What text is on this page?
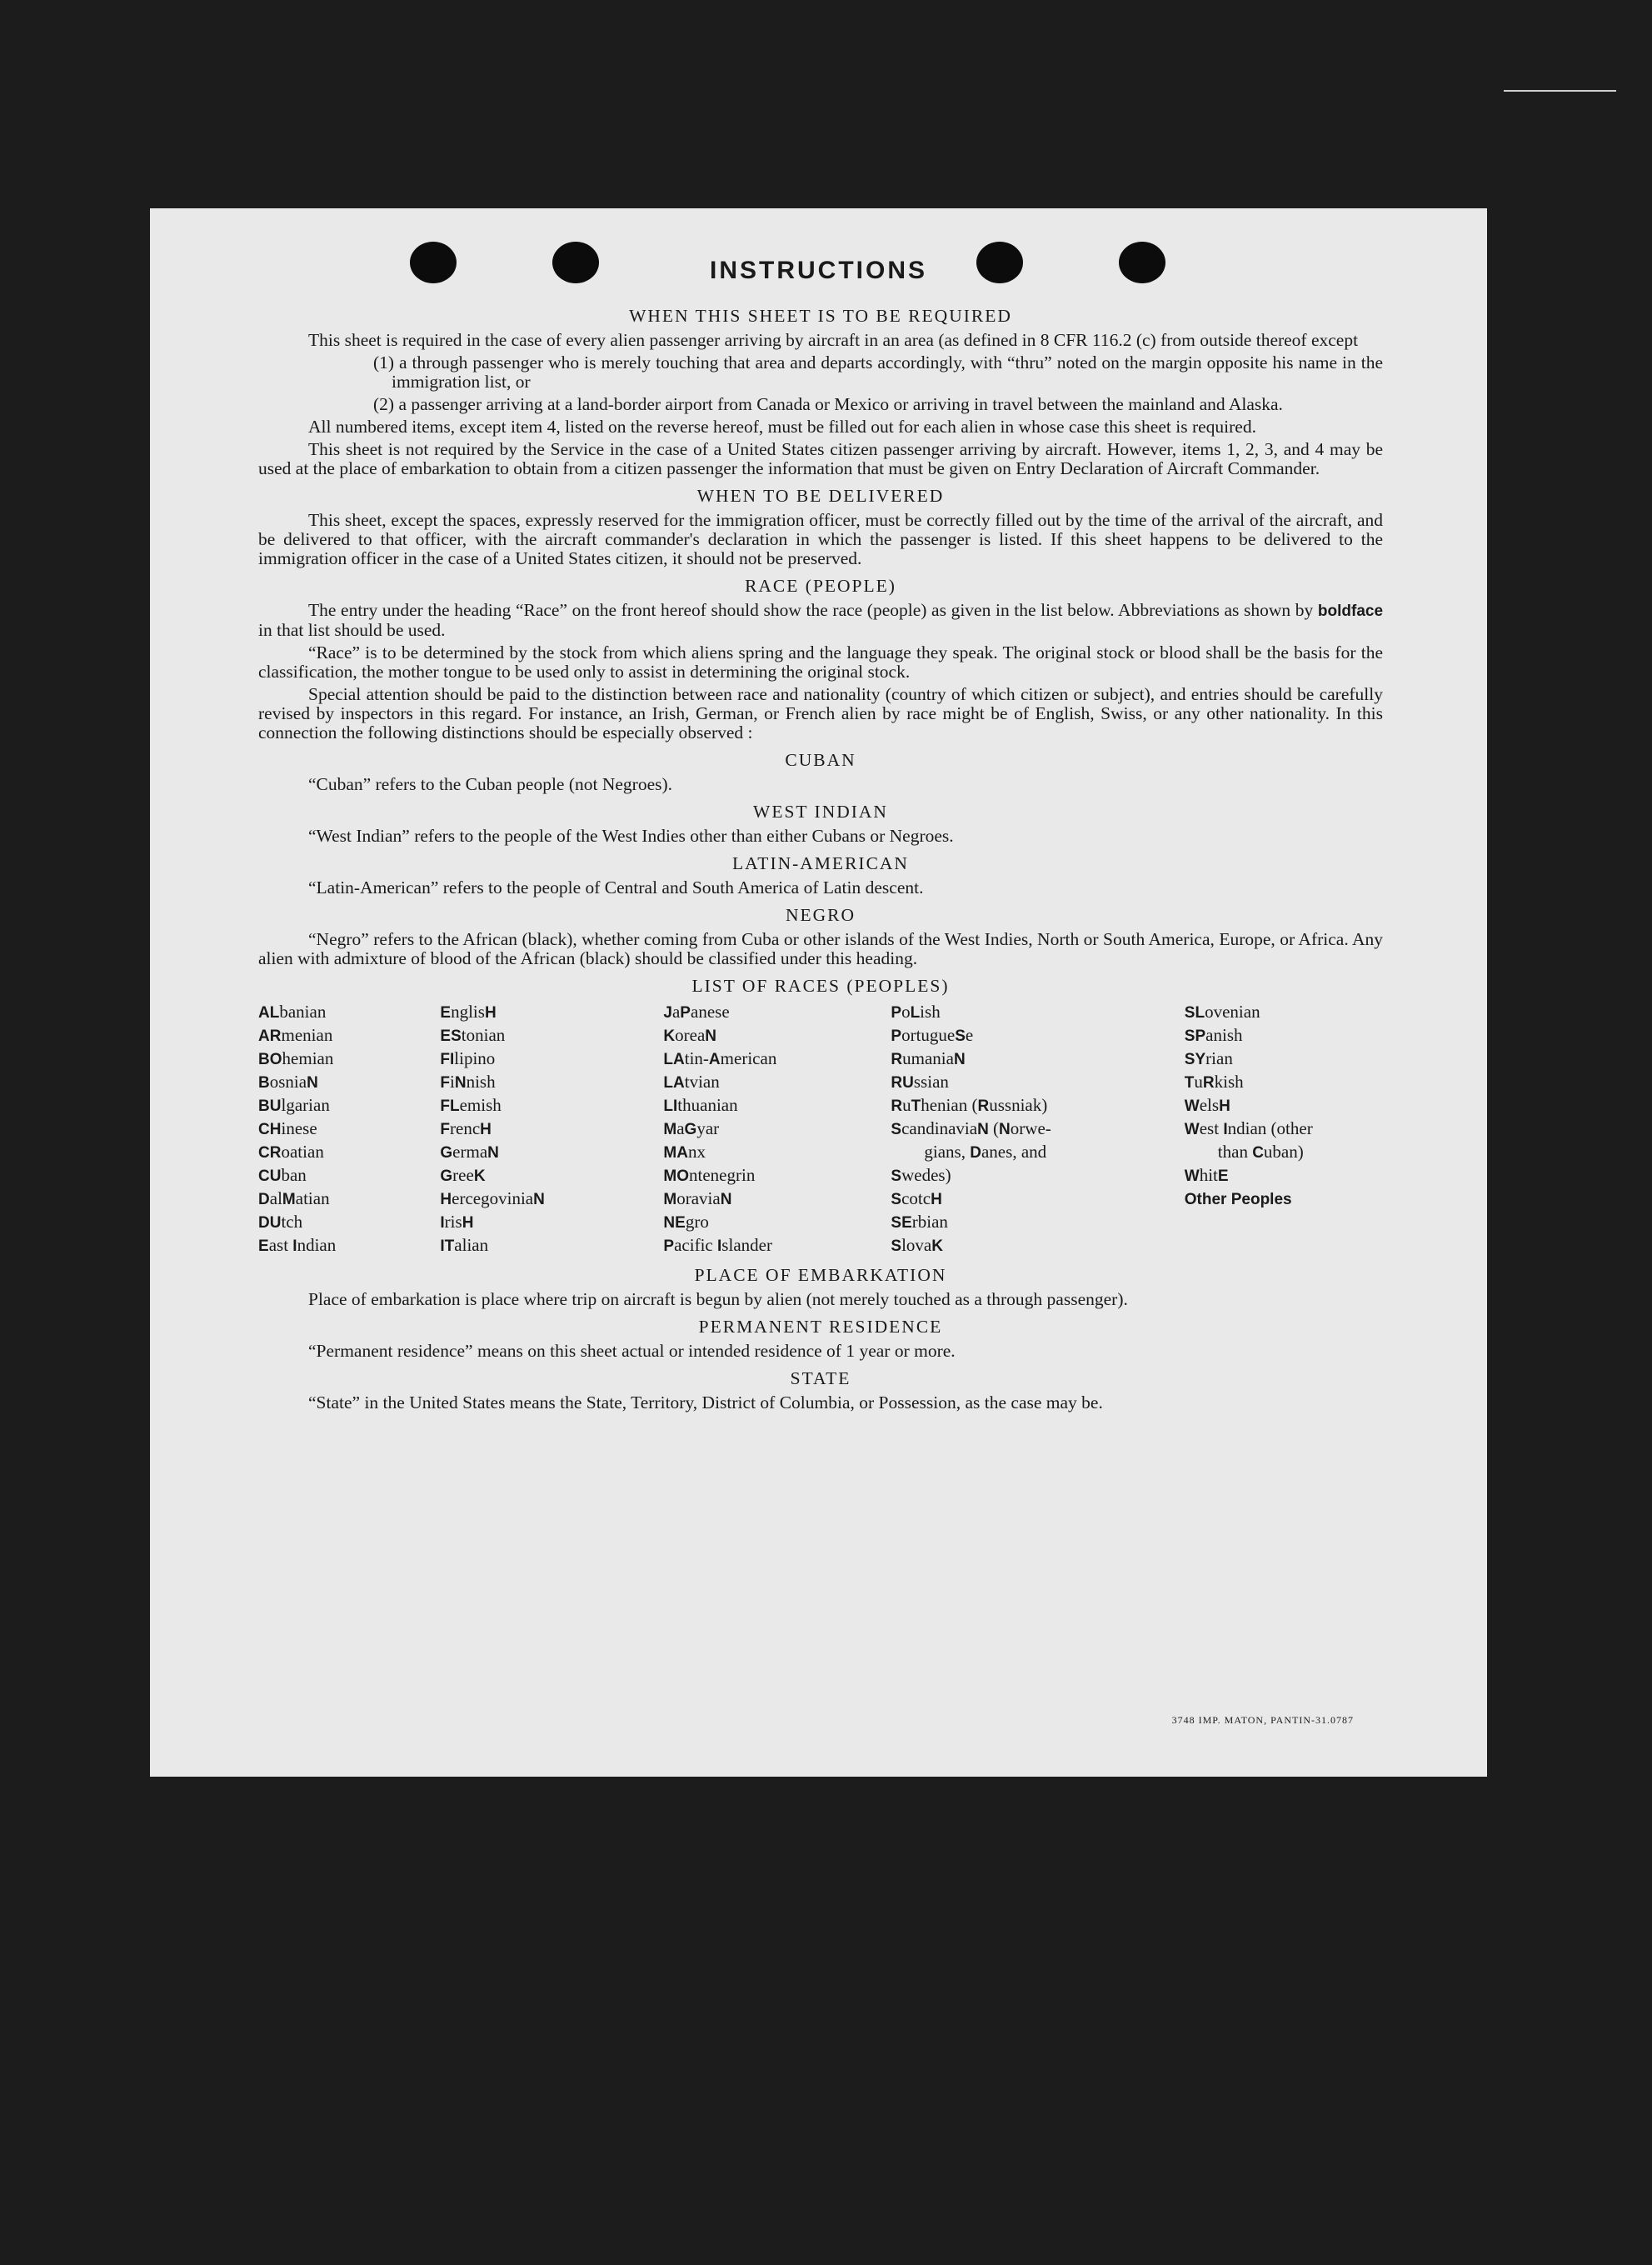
INSTRUCTIONS
WHEN THIS SHEET IS TO BE REQUIRED

This sheet is required in the case of every alien passenger arriving by aircraft in an area (as defined in 8 CFR 116.2 (c) from outside thereof except

(1) a through passenger who is merely touching that area and departs accordingly, with “thru” noted on the margin opposite his name in the immigration list, or

(2) a passenger arriving at a land-border airport from Canada or Mexico or arriving in travel between the mainland and Alaska.

All numbered items, except item 4, listed on the reverse hereof, must be filled out for each alien in whose case this sheet is required.

This sheet is not required by the Service in the case of a United States citizen passenger arriving by aircraft. However, items 1, 2, 3, and 4 may be used at the place of embarkation to obtain from a citizen passenger the information that must be given on Entry Declaration of Aircraft Commander.

WHEN TO BE DELIVERED

This sheet, except the spaces, expressly reserved for the immigration officer, must be correctly filled out by the time of the arrival of the aircraft, and be delivered to that officer, with the aircraft commander's declaration in which the passenger is listed. If this sheet happens to be delivered to the immigration officer in the case of a United States citizen, it should not be preserved.

RACE (PEOPLE)

The entry under the heading “Race” on the front hereof should show the race (people) as given in the list below. Abbreviations as shown by boldface in that list should be used.

“Race” is to be determined by the stock from which aliens spring and the language they speak. The original stock or blood shall be the basis for the classification, the mother tongue to be used only to assist in determining the original stock.

Special attention should be paid to the distinction between race and nationality (country of which citizen or subject), and entries should be carefully revised by inspectors in this regard. For instance, an Irish, German, or French alien by race might be of English, Swiss, or any other nationality. In this connection the following distinctions should be especially observed :

CUBAN

“Cuban” refers to the Cuban people (not Negroes).

WEST INDIAN

“West Indian” refers to the people of the West Indies other than either Cubans or Negroes.

LATIN-AMERICAN

“Latin-American” refers to the people of Central and South America of Latin descent.

NEGRO

“Negro” refers to the African (black), whether coming from Cuba or other islands of the West Indies, North or South America, Europe, or Africa. Any alien with admixture of blood of the African (black) should be classified under this heading.

LIST OF RACES (PEOPLES)
ALbanian
ARmenian
BOhemian
BosniaN
BUlgarian
CHinese
CRoatian
CUban
DalMatian
DUtch
East Indian
EnglisH
EStonian
FIlipino
FiNnish
FLemish
FrencH
GermaN
GreeK
HercegoviniaN
IrisH
ITalian
JaPanese
KoreaN
LAtin-American
LAtvian
LIthuanian
MaGyar
MAnx
MOntenegrin
MoraviaN
NEgro
Pacific Islander
PoLish
PortugueSe
RumaniaN
RUssian
RuThenian (Russniak)
ScandinaviaN (Norwe-
gians, Danes, and
Swedes)
ScotcH
SErbian
SlovaK
SLovenian
SPanish
SYrian
TuRkish
WelsH
West Indian (other
than Cuban)
WhitE
Other Peoples
PLACE OF EMBARKATION

Place of embarkation is place where trip on aircraft is begun by alien (not merely touched as a through passenger).

PERMANENT RESIDENCE

“Permanent residence” means on this sheet actual or intended residence of 1 year or more.

STATE

“State” in the United States means the State, Territory, District of Columbia, or Possession, as the case may be.

3748 IMP. MATON, PANTIN-31.0787
